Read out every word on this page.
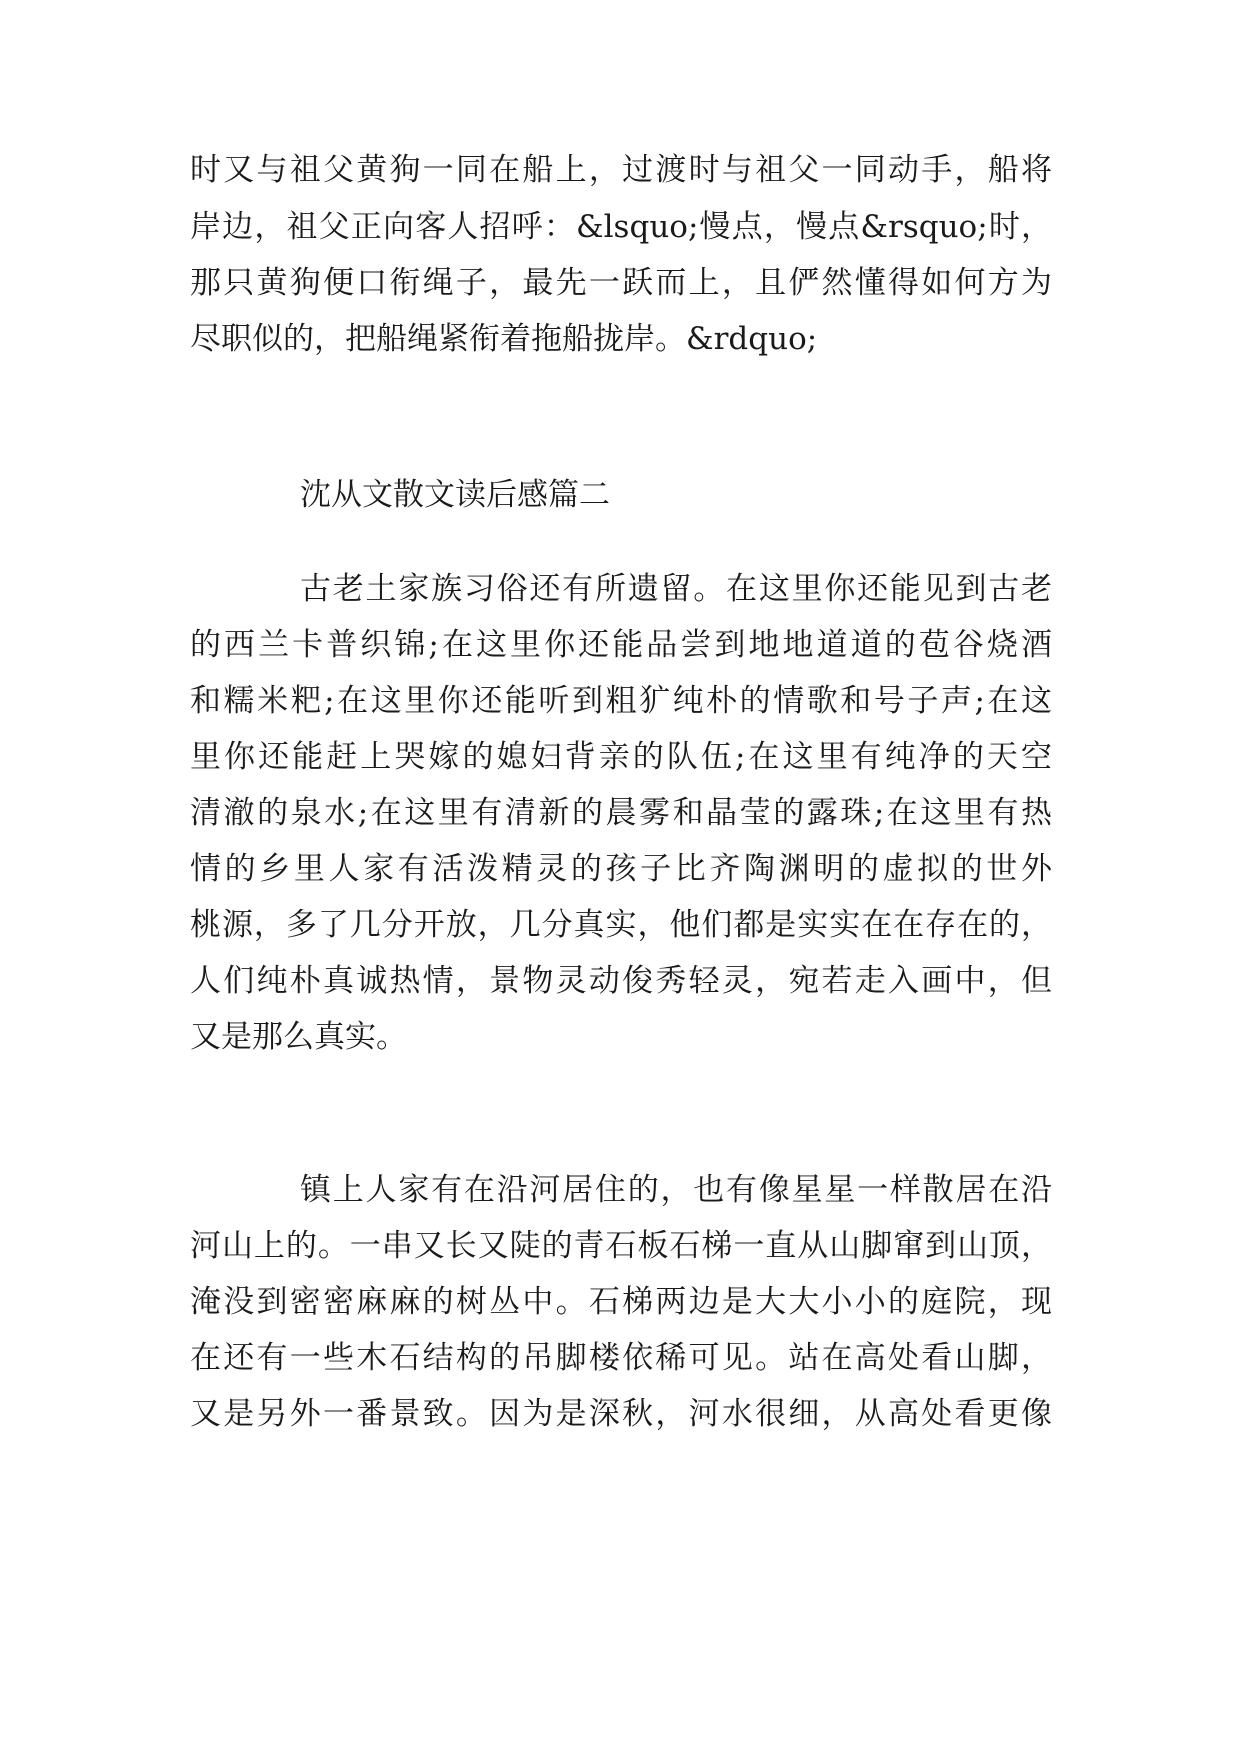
时又与祖父黄狗一同在船上，过渡时与祖父一同动手，船将
岸边，祖父正向客人招呼：&lsquo;慢点，慢点&rsquo;时，
那只黄狗便口衔绳子，最先一跃而上，且俨然懂得如何方为
尽职似的，把船绳紧衔着拖船拢岸。&rdquo;
沈从文散文读后感篇二
古老土家族习俗还有所遗留。在这里你还能见到古老
的西兰卡普织锦;在这里你还能品尝到地地道道的苞谷烧酒
和糯米粑;在这里你还能听到粗犷纯朴的情歌和号子声;在这
里你还能赶上哭嫁的媳妇背亲的队伍;在这里有纯净的天空
清澈的泉水;在这里有清新的晨雾和晶莹的露珠;在这里有热
情的乡里人家有活泼精灵的孩子比齐陶渊明的虚拟的世外
桃源，多了几分开放，几分真实，他们都是实实在在存在的，
人们纯朴真诚热情，景物灵动俊秀轻灵，宛若走入画中，但
又是那么真实。
镇上人家有在沿河居住的，也有像星星一样散居在沿
河山上的。一串又长又陡的青石板石梯一直从山脚窜到山顶，
淹没到密密麻麻的树丛中。石梯两边是大大小小的庭院，现
在还有一些木石结构的吊脚楼依稀可见。站在高处看山脚，
又是另外一番景致。因为是深秋，河水很细，从高处看更像
